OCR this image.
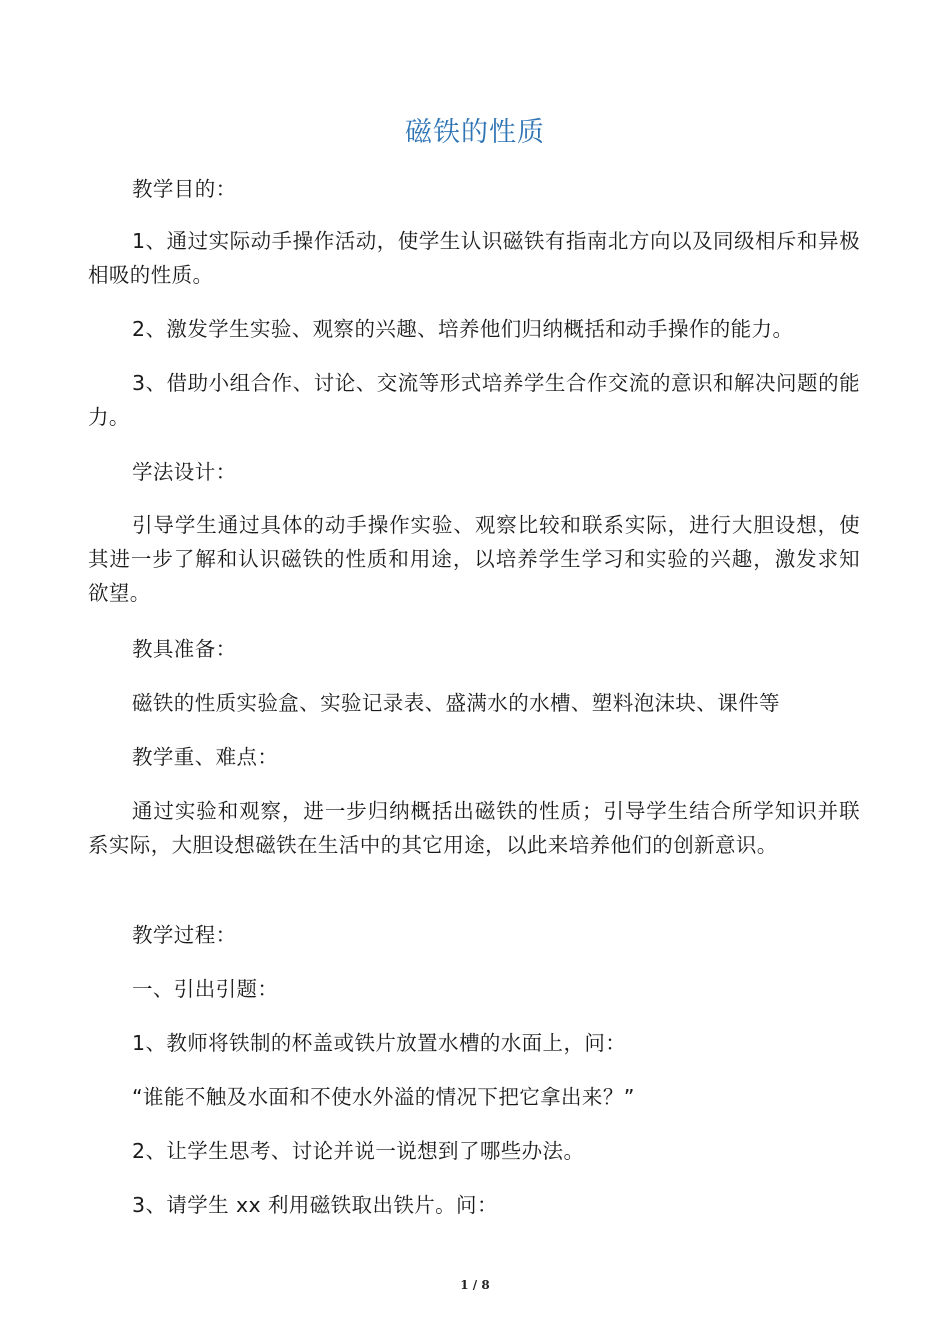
磁铁的性质

教学目的：

1、通过实际动手操作活动，使学生认识磁铁有指南北方向以及同级相斥和异极相吸的性质。

2、激发学生实验、观察的兴趣、培养他们归纳概括和动手操作的能力。

3、借助小组合作、讨论、交流等形式培养学生合作交流的意识和解决问题的能力。

学法设计：

引导学生通过具体的动手操作实验、观察比较和联系实际，进行大胆设想，使其进一步了解和认识磁铁的性质和用途，以培养学生学习和实验的兴趣，激发求知欲望。

教具准备：

磁铁的性质实验盒、实验记录表、盛满水的水槽、塑料泡沫块、课件等

教学重、难点：

通过实验和观察，进一步归纳概括出磁铁的性质；引导学生结合所学知识并联系实际，大胆设想磁铁在生活中的其它用途，以此来培养他们的创新意识。

教学过程：

一、引出引题：

1、教师将铁制的杯盖或铁片放置水槽的水面上，问：

“谁能不触及水面和不使水外溢的情况下把它拿出来？”

2、让学生思考、讨论并说一说想到了哪些办法。

3、请学生 xx 利用磁铁取出铁片。问：

1 / 8
